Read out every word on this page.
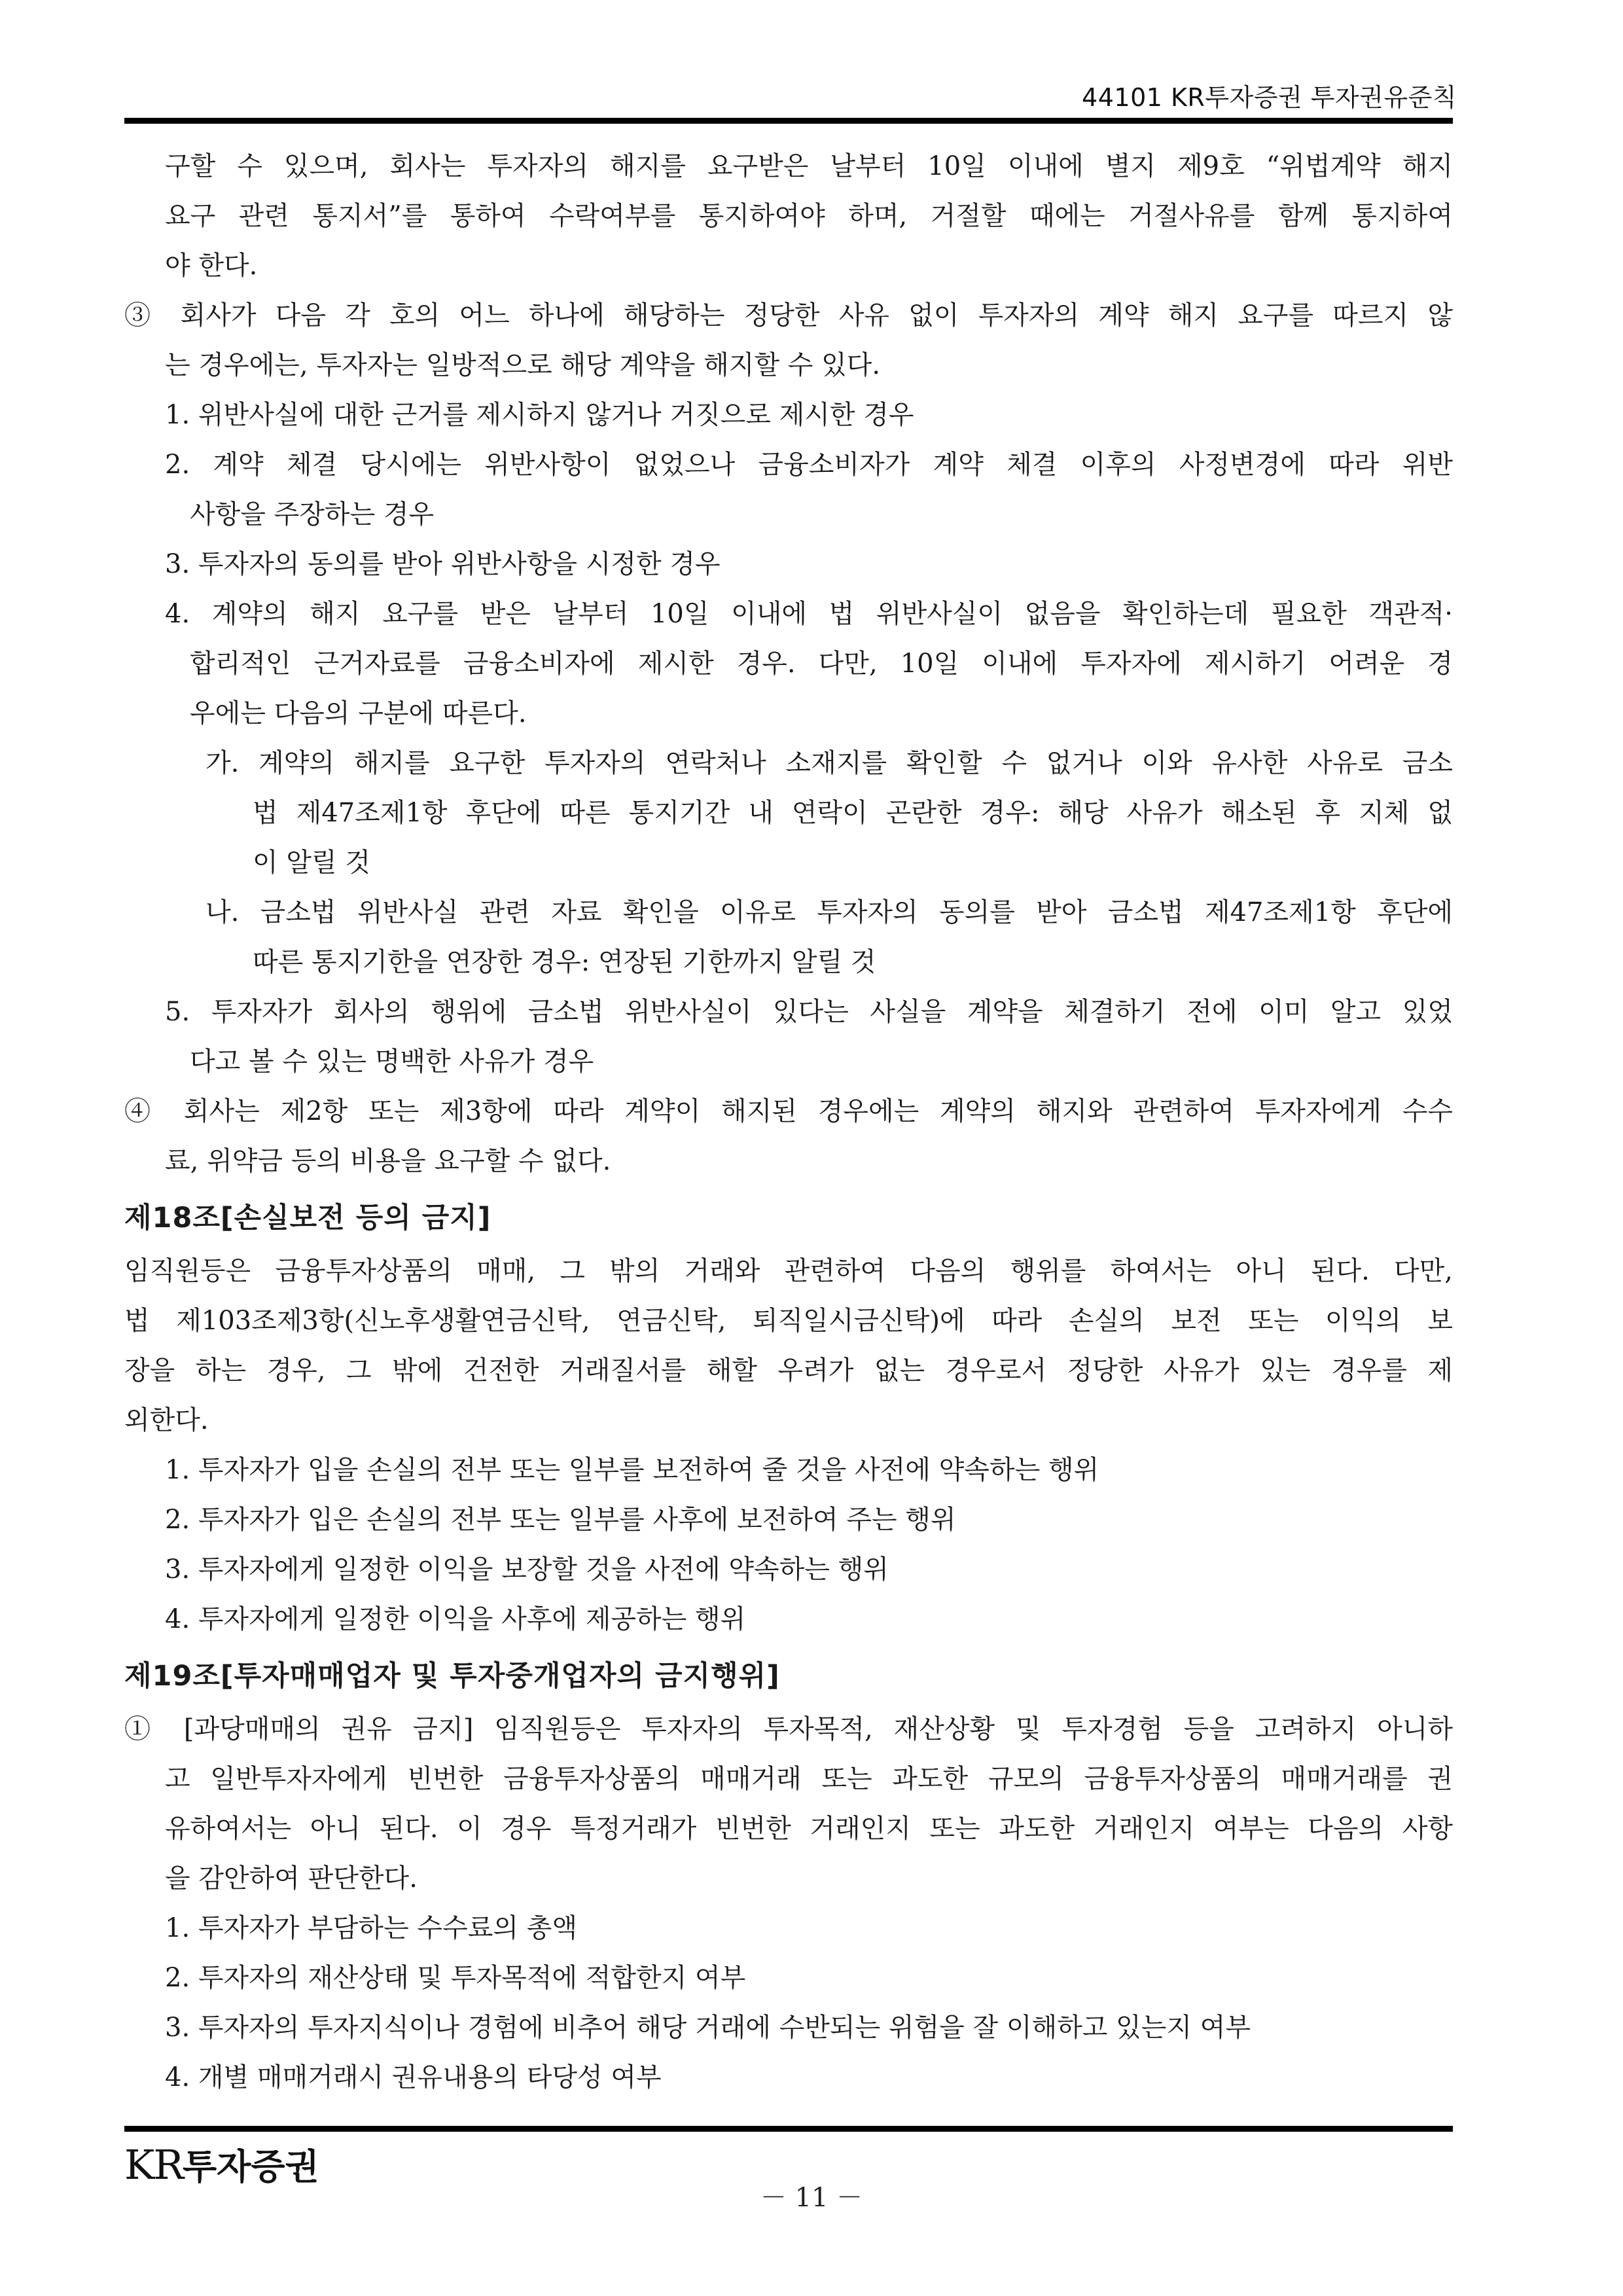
44101 KR투자증권 투자권유준칙
구할 수 있으며, 회사는 투자자의 해지를 요구받은 날부터 10일 이내에 별지 제9호 “위법계약 해지
요구 관련 통지서”를 통하여 수락여부를 통지하여야 하며, 거절할 때에는 거절사유를 함께 통지하여
야 한다.
③ 회사가 다음 각 호의 어느 하나에 해당하는 정당한 사유 없이 투자자의 계약 해지 요구를 따르지 않
는 경우에는, 투자자는 일방적으로 해당 계약을 해지할 수 있다.
1. 위반사실에 대한 근거를 제시하지 않거나 거짓으로 제시한 경우
2. 계약 체결 당시에는 위반사항이 없었으나 금융소비자가 계약 체결 이후의 사정변경에 따라 위반
사항을 주장하는 경우
3. 투자자의 동의를 받아 위반사항을 시정한 경우
4. 계약의 해지 요구를 받은 날부터 10일 이내에 법 위반사실이 없음을 확인하는데 필요한 객관적·
합리적인 근거자료를 금융소비자에 제시한 경우. 다만, 10일 이내에 투자자에 제시하기 어려운 경
우에는 다음의 구분에 따른다.
가. 계약의 해지를 요구한 투자자의 연락처나 소재지를 확인할 수 없거나 이와 유사한 사유로 금소
법 제47조제1항 후단에 따른 통지기간 내 연락이 곤란한 경우: 해당 사유가 해소된 후 지체 없
이 알릴 것
나. 금소법 위반사실 관련 자료 확인을 이유로 투자자의 동의를 받아 금소법 제47조제1항 후단에
따른 통지기한을 연장한 경우: 연장된 기한까지 알릴 것
5. 투자자가 회사의 행위에 금소법 위반사실이 있다는 사실을 계약을 체결하기 전에 이미 알고 있었
다고 볼 수 있는 명백한 사유가 경우
④ 회사는 제2항 또는 제3항에 따라 계약이 해지된 경우에는 계약의 해지와 관련하여 투자자에게 수수
료, 위약금 등의 비용을 요구할 수 없다.
제18조[손실보전 등의 금지]
임직원등은 금융투자상품의 매매, 그 밖의 거래와 관련하여 다음의 행위를 하여서는 아니 된다. 다만,
법 제103조제3항(신노후생활연금신탁, 연금신탁, 퇴직일시금신탁)에 따라 손실의 보전 또는 이익의 보
장을 하는 경우, 그 밖에 건전한 거래질서를 해할 우려가 없는 경우로서 정당한 사유가 있는 경우를 제
외한다.
1. 투자자가 입을 손실의 전부 또는 일부를 보전하여 줄 것을 사전에 약속하는 행위
2. 투자자가 입은 손실의 전부 또는 일부를 사후에 보전하여 주는 행위
3. 투자자에게 일정한 이익을 보장할 것을 사전에 약속하는 행위
4. 투자자에게 일정한 이익을 사후에 제공하는 행위
제19조[투자매매업자 및 투자중개업자의 금지행위]
① [과당매매의 권유 금지] 임직원등은 투자자의 투자목적, 재산상황 및 투자경험 등을 고려하지 아니하
고 일반투자자에게 빈번한 금융투자상품의 매매거래 또는 과도한 규모의 금융투자상품의 매매거래를 권
유하여서는 아니 된다. 이 경우 특정거래가 빈번한 거래인지 또는 과도한 거래인지 여부는 다음의 사항
을 감안하여 판단한다.
1. 투자자가 부담하는 수수료의 총액
2. 투자자의 재산상태 및 투자목적에 적합한지 여부
3. 투자자의 투자지식이나 경험에 비추어 해당 거래에 수반되는 위험을 잘 이해하고 있는지 여부
4. 개별 매매거래시 권유내용의 타당성 여부
KR투자증권
－ 11 －
